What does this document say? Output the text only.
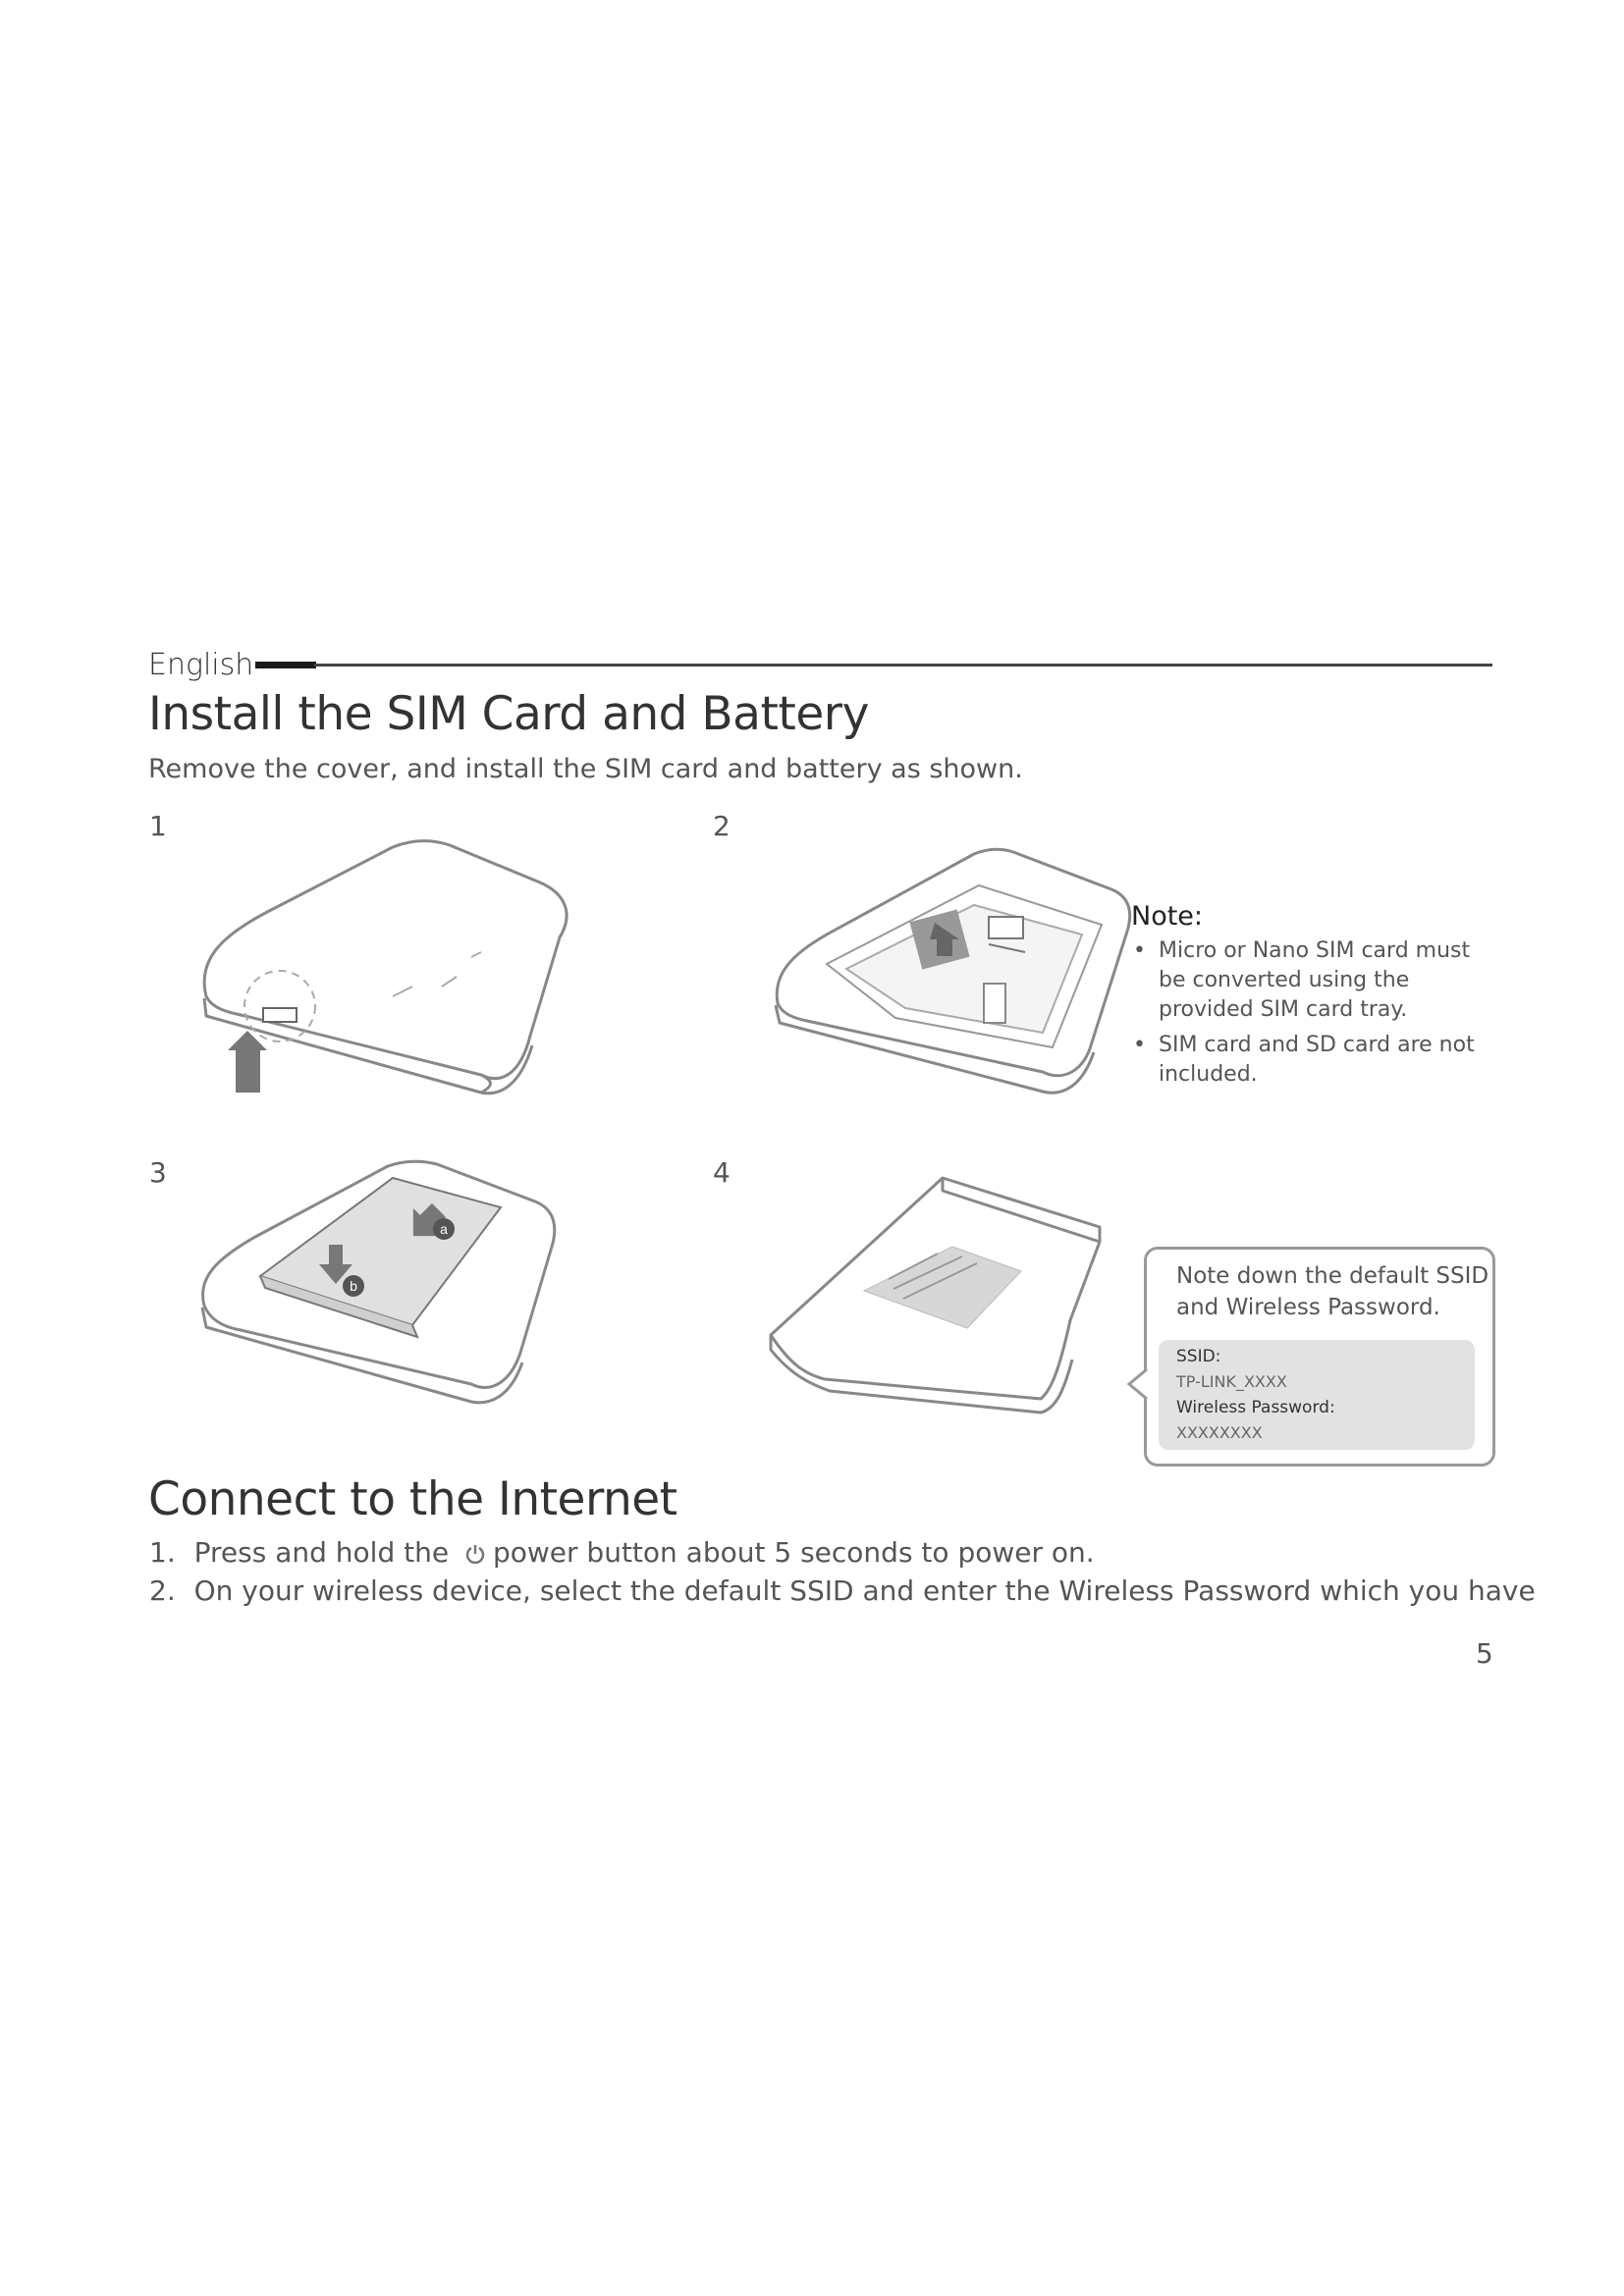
English
Install the SIM Card and Battery
Remove the cover, and install the SIM card and battery as shown.
1	2
3	4
Note:
• Micro or Nano SIM card must be converted using the provided SIM card tray.
• SIM card and SD card are not included.
a
b	Note down the default SSID and Wireless Password.
SSID:
TP-LINK_XXXX
Wireless Password:
XXXXXXXX
Connect to the Internet
1. Press and hold the power button about 5 seconds to power on.
2. On your wireless device, select the default SSID and enter the Wireless Password which you have
5
